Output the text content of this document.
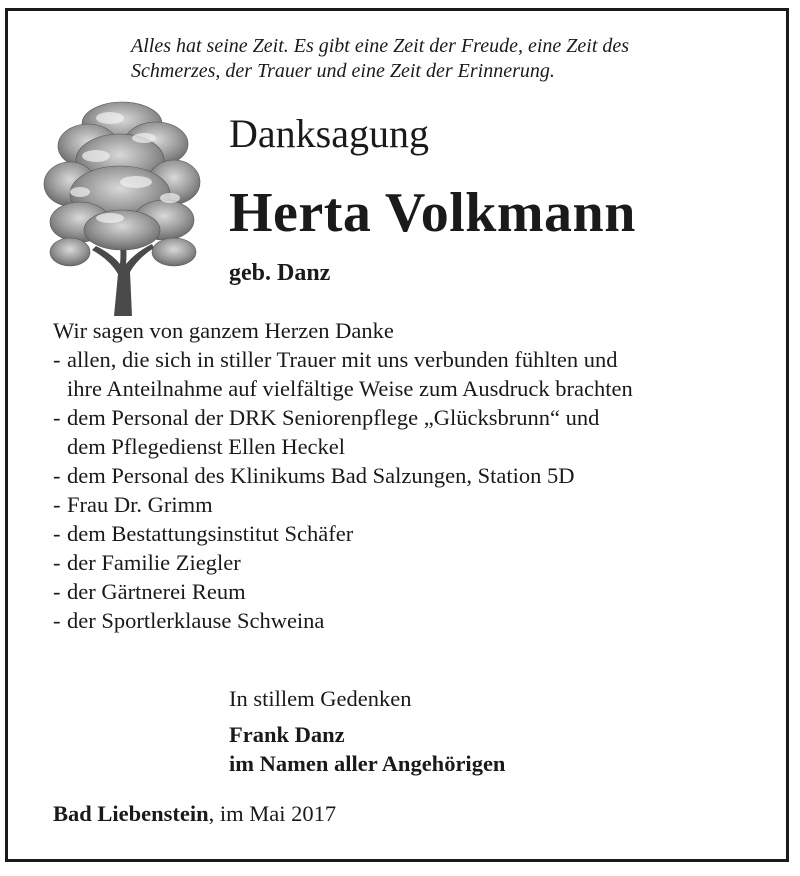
Alles hat seine Zeit. Es gibt eine Zeit der Freude, eine Zeit des
Schmerzes, der Trauer und eine Zeit der Erinnerung.
Danksagung
Herta Volkmann
geb. Danz

Wir sagen von ganzem Herzen Danke

- allen, die sich in stiller Trauer mit uns verbunden fühlten und
ihre Anteilnahme auf vielfältige Weise zum Ausdruck brachten
- dem Personal der DRK Seniorenpflege „Glücksbrunn“ und
dem Pflegedienst Ellen Heckel
- dem Personal des Klinikums Bad Salzungen, Station 5D
- Frau Dr. Grimm
- dem Bestattungsinstitut Schäfer
- der Familie Ziegler
- der Gärtnerei Reum
- der Sportlerklause Schweina
In stillem Gedenken
Frank Danz
im Namen aller Angehörigen
Bad Liebenstein, im Mai 2017
